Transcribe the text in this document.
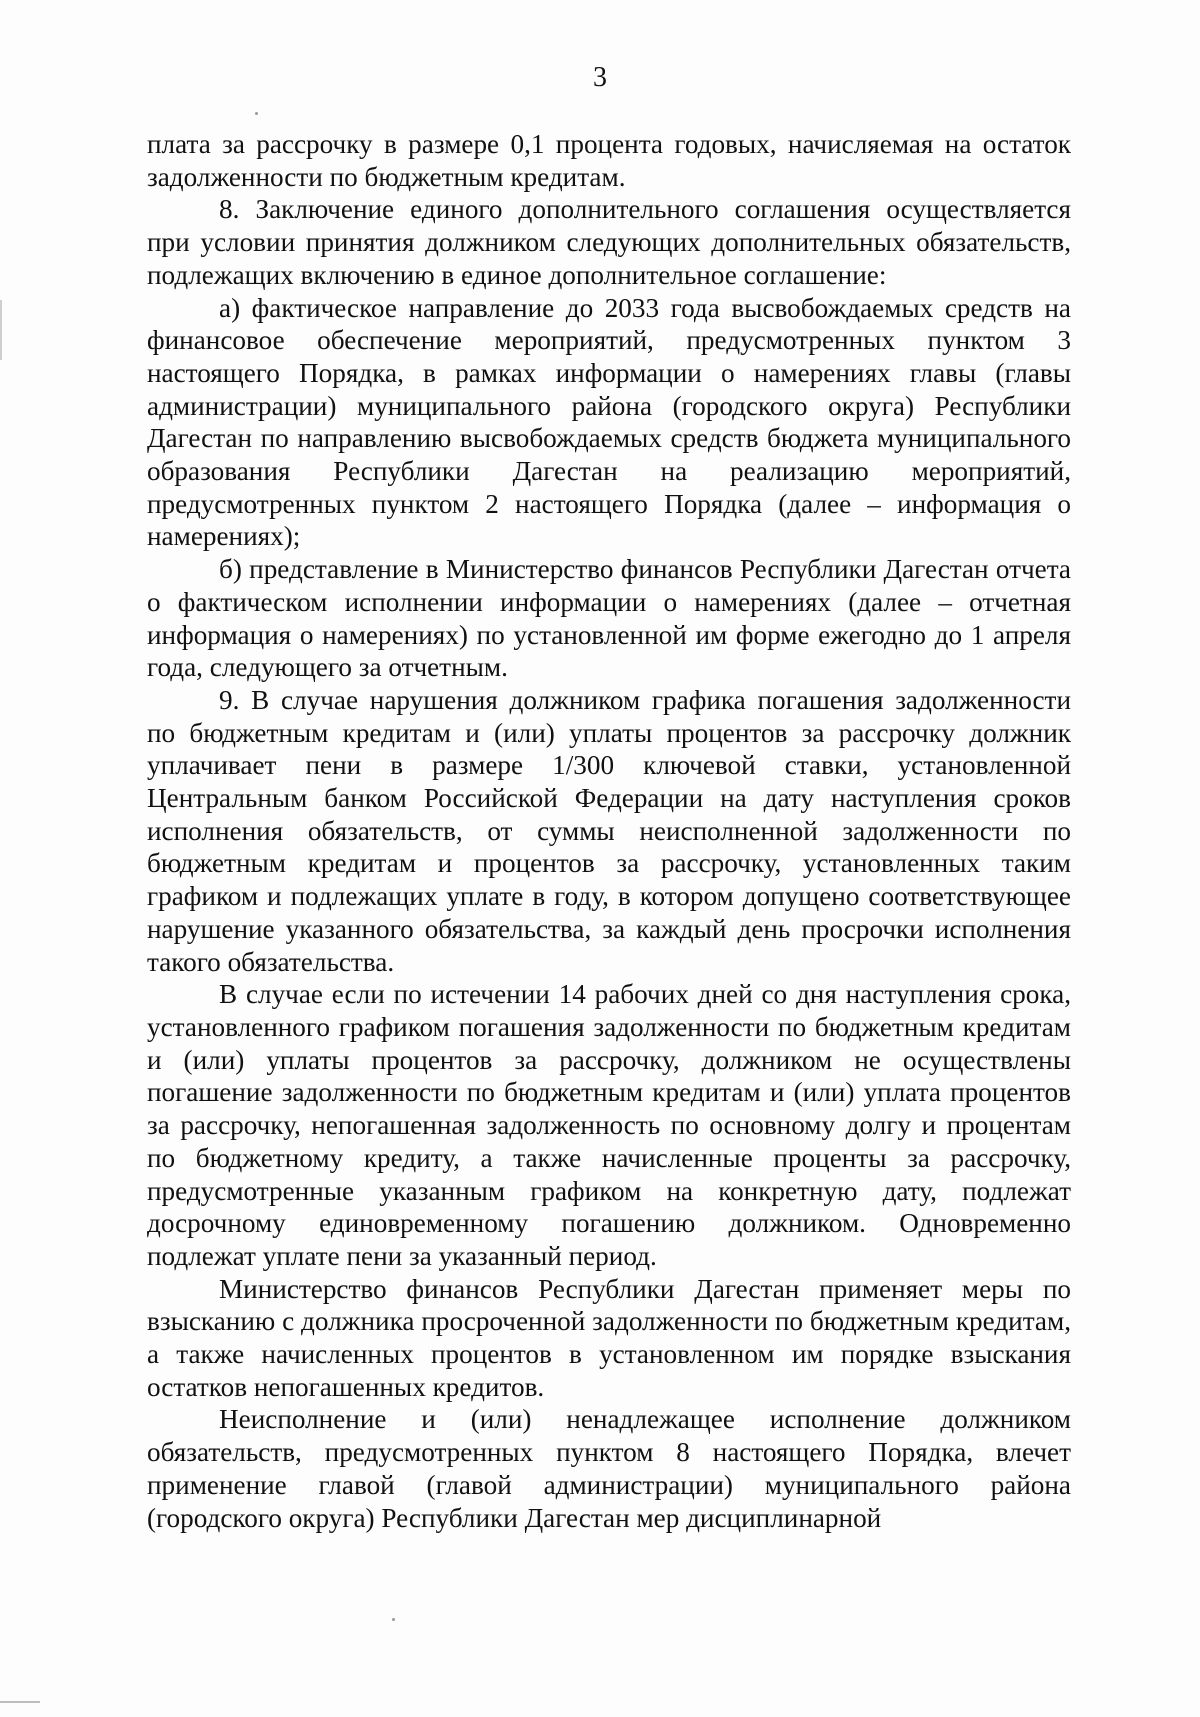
3

плата за рассрочку в размере 0,1 процента годовых, начисляемая на остаток задолженности по бюджетным кредитам.

8. Заключение единого дополнительного соглашения осуществляется при условии принятия должником следующих дополнительных обязательств, подлежащих включению в единое дополнительное соглашение:

а) фактическое направление до 2033 года высвобождаемых средств на финансовое обеспечение мероприятий, предусмотренных пунктом 3 настоящего Порядка, в рамках информации о намерениях главы (главы администрации) муниципального района (городского округа) Республики Дагестан по направлению высвобождаемых средств бюджета муниципального образования Республики Дагестан на реализацию мероприятий, предусмотренных пунктом 2 настоящего Порядка (далее – информация о намерениях);

б) представление в Министерство финансов Республики Дагестан отчета о фактическом исполнении информации о намерениях (далее – отчетная информация о намерениях) по установленной им форме ежегодно до 1 апреля года, следующего за отчетным.

9. В случае нарушения должником графика погашения задолженности по бюджетным кредитам и (или) уплаты процентов за рассрочку должник уплачивает пени в размере 1/300 ключевой ставки, установленной Центральным банком Российской Федерации на дату наступления сроков исполнения обязательств, от суммы неисполненной задолженности по бюджетным кредитам и процентов за рассрочку, установленных таким графиком и подлежащих уплате в году, в котором допущено соответствующее нарушение указанного обязательства, за каждый день просрочки исполнения такого обязательства.

В случае если по истечении 14 рабочих дней со дня наступления срока, установленного графиком погашения задолженности по бюджетным кредитам и (или) уплаты процентов за рассрочку, должником не осуществлены погашение задолженности по бюджетным кредитам и (или) уплата процентов за рассрочку, непогашенная задолженность по основному долгу и процентам по бюджетному кредиту, а также начисленные проценты за рассрочку, предусмотренные указанным графиком на конкретную дату, подлежат досрочному единовременному погашению должником. Одновременно подлежат уплате пени за указанный период.

Министерство финансов Республики Дагестан применяет меры по взысканию с должника просроченной задолженности по бюджетным кредитам, а также начисленных процентов в установленном им порядке взыскания остатков непогашенных кредитов.

Неисполнение и (или) ненадлежащее исполнение должником обязательств, предусмотренных пунктом 8 настоящего Порядка, влечет применение главой (главой администрации) муниципального района (городского округа) Республики Дагестан мер дисциплинарной
